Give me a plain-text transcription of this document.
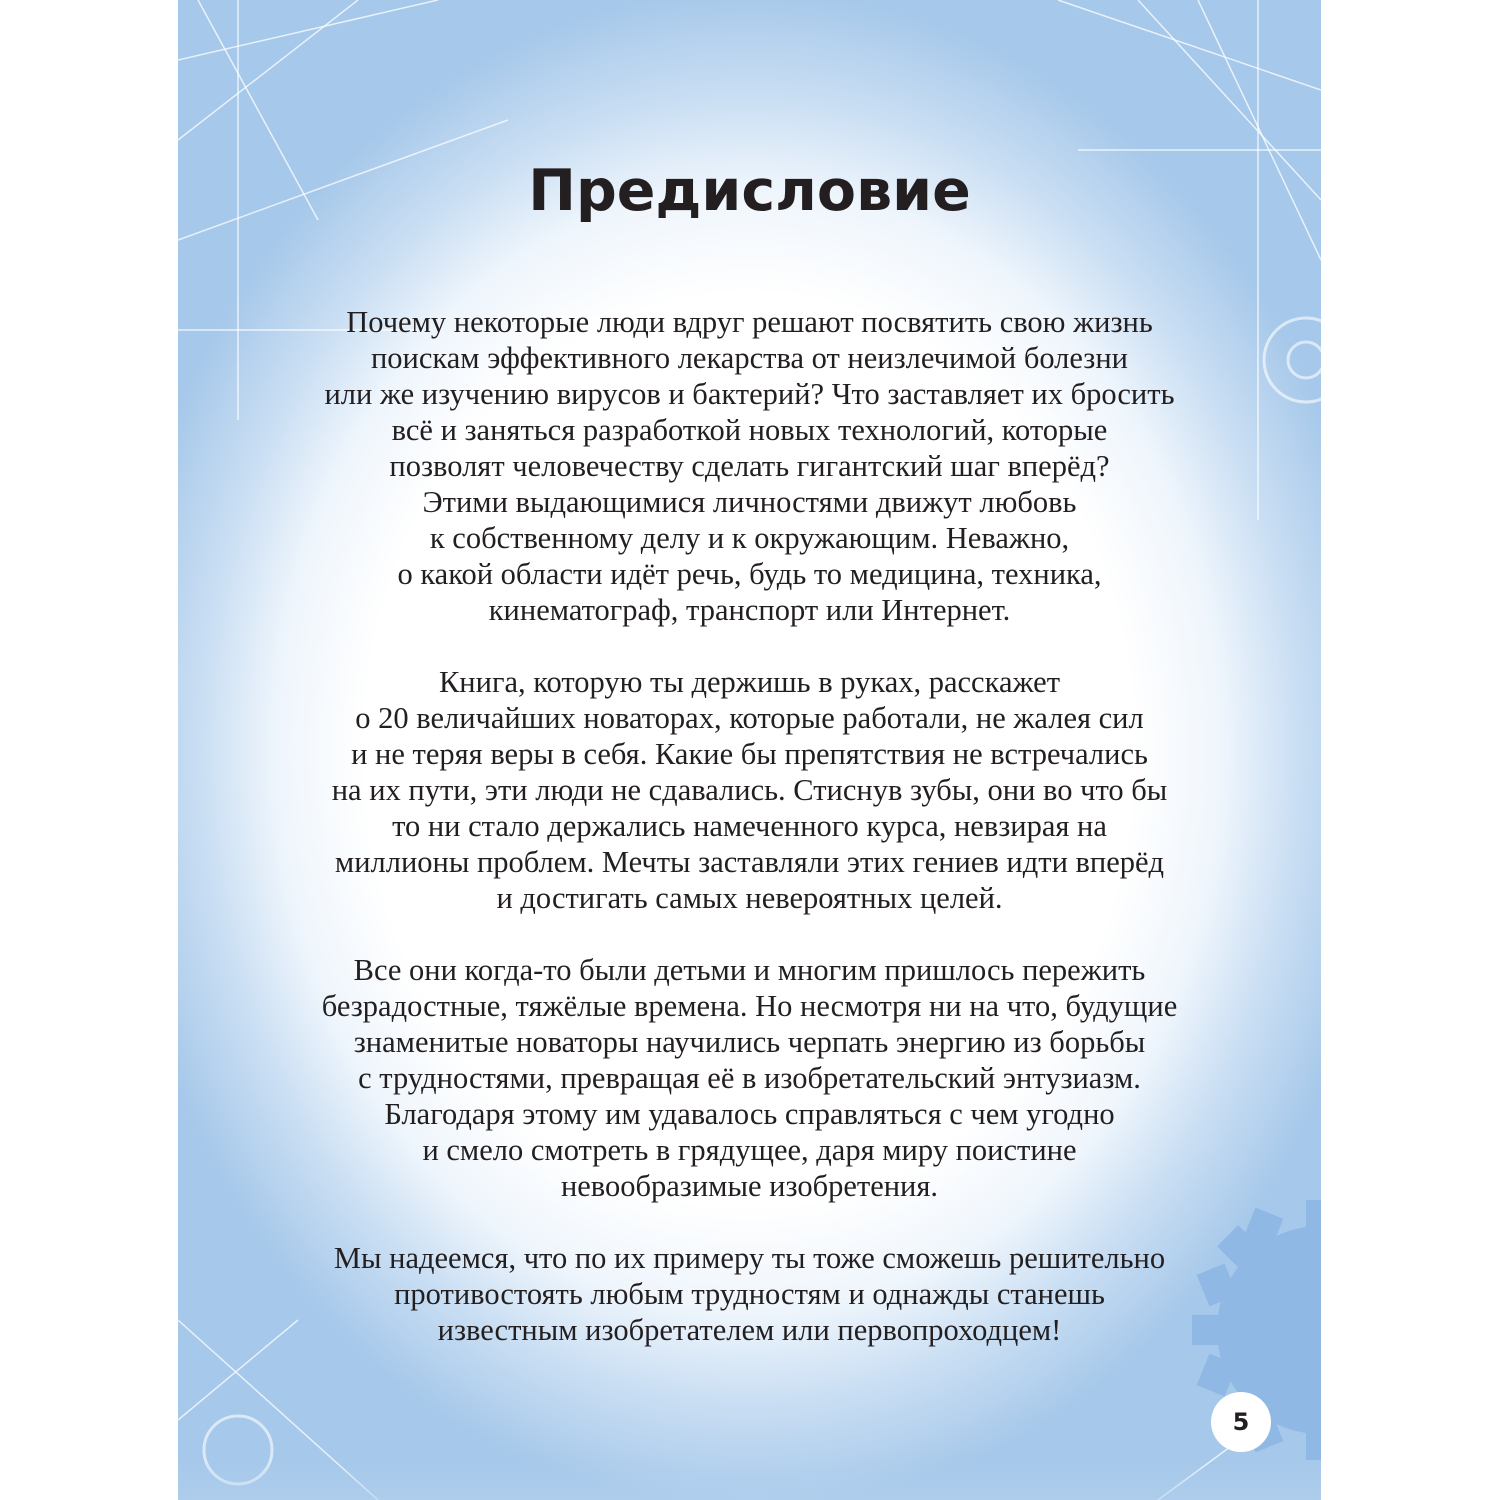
Предисловие

Почему некоторые люди вдруг решают посвятить свою жизнь
поискам эффективного лекарства от неизлечимой болезни
или же изучению вирусов и бактерий? Что заставляет их бросить
всё и заняться разработкой новых технологий, которые
позволят человечеству сделать гигантский шаг вперёд?
Этими выдающимися личностями движут любовь
к собственному делу и к окружающим. Неважно,
о какой области идёт речь, будь то медицина, техника,
кинематограф, транспорт или Интернет.

Книга, которую ты держишь в руках, расскажет
о 20 величайших новаторах, которые работали, не жалея сил
и не теряя веры в себя. Какие бы препятствия не встречались
на их пути, эти люди не сдавались. Стиснув зубы, они во что бы
то ни стало держались намеченного курса, невзирая на
миллионы проблем. Мечты заставляли этих гениев идти вперёд
и достигать самых невероятных целей.

Все они когда-то были детьми и многим пришлось пережить
безрадостные, тяжёлые времена. Но несмотря ни на что, будущие
знаменитые новаторы научились черпать энергию из борьбы
с трудностями, превращая её в изобретательский энтузиазм.
Благодаря этому им удавалось справляться с чем угодно
и смело смотреть в грядущее, даря миру поистине
невообразимые изобретения.

Мы надеемся, что по их примеру ты тоже сможешь решительно
противостоять любым трудностям и однажды станешь
известным изобретателем или первопроходцем!

5
